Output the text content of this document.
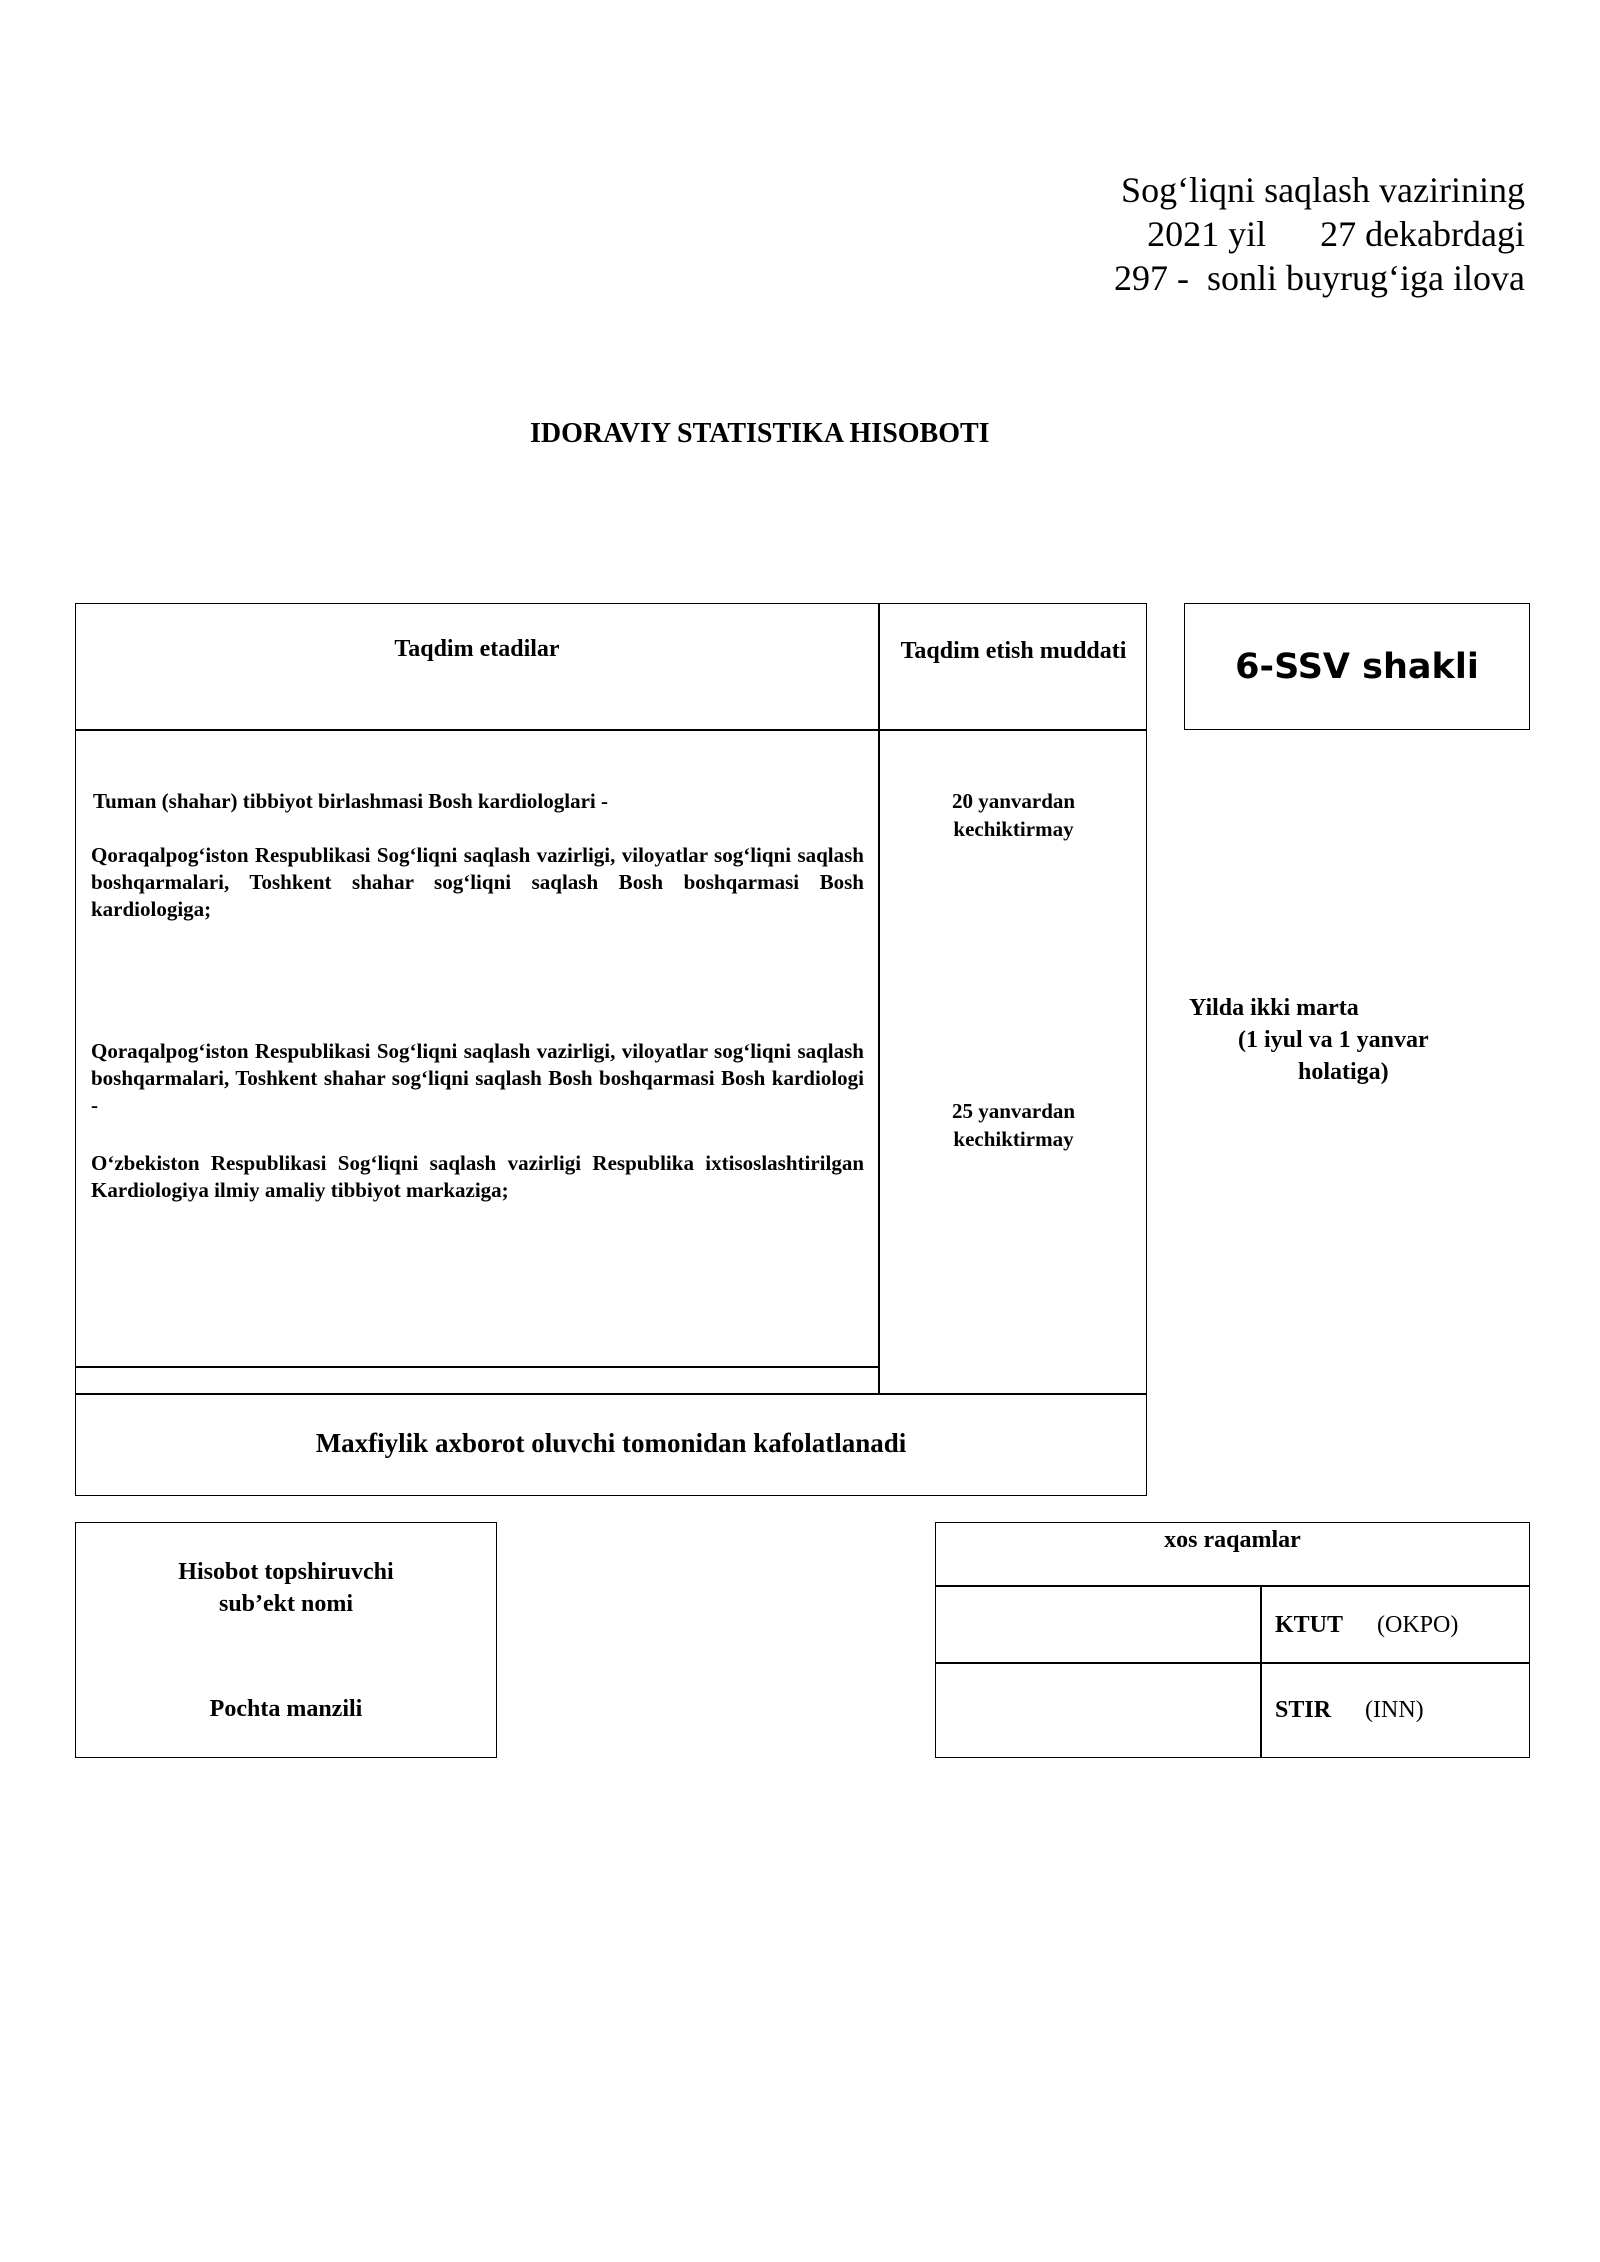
Sog‘liqni saqlash vazirining
2021 yil      27 dekabrdagi
297 -  sonli buyrug‘iga ilova
IDORAVIY STATISTIKA HISOBOTI
Taqdim etadilar	Taqdim etish muddati	6- SSV shakli
Tuman (shahar) tibbiyot birlashmasi Bosh kardiologlari -
Qoraqalpog‘iston Respublikasi Sog‘liqni saqlash vazirligi, viloyatlar sog‘liqni saqlash boshqarmalari, Toshkent shahar sog‘liqni saqlash Bosh boshqarmasi Bosh kardiologiga;
20 yanvardan
kechiktirmay
Qoraqalpog‘iston Respublikasi Sog‘liqni saqlash vazirligi, viloyatlar sog‘liqni saqlash boshqarmalari, Toshkent shahar sog‘liqni saqlash Bosh boshqarmasi Bosh kardiologi -
O‘zbekiston Respublikasi Sog‘liqni saqlash vazirligi Respublika ixtisoslashtirilgan Kardiologiya ilmiy amaliy tibbiyot markaziga;
25 yanvardan
kechiktirmay
Yilda ikki marta
(1 iyul va 1 yanvar
holatiga)
Maxfiylik axborot oluvchi tomonidan kafolatlanadi
Hisobot topshiruvchi
sub’ekt nomi
Pochta manzili
xos raqamlar
KTUT (OKPO)
STIR (INN)
